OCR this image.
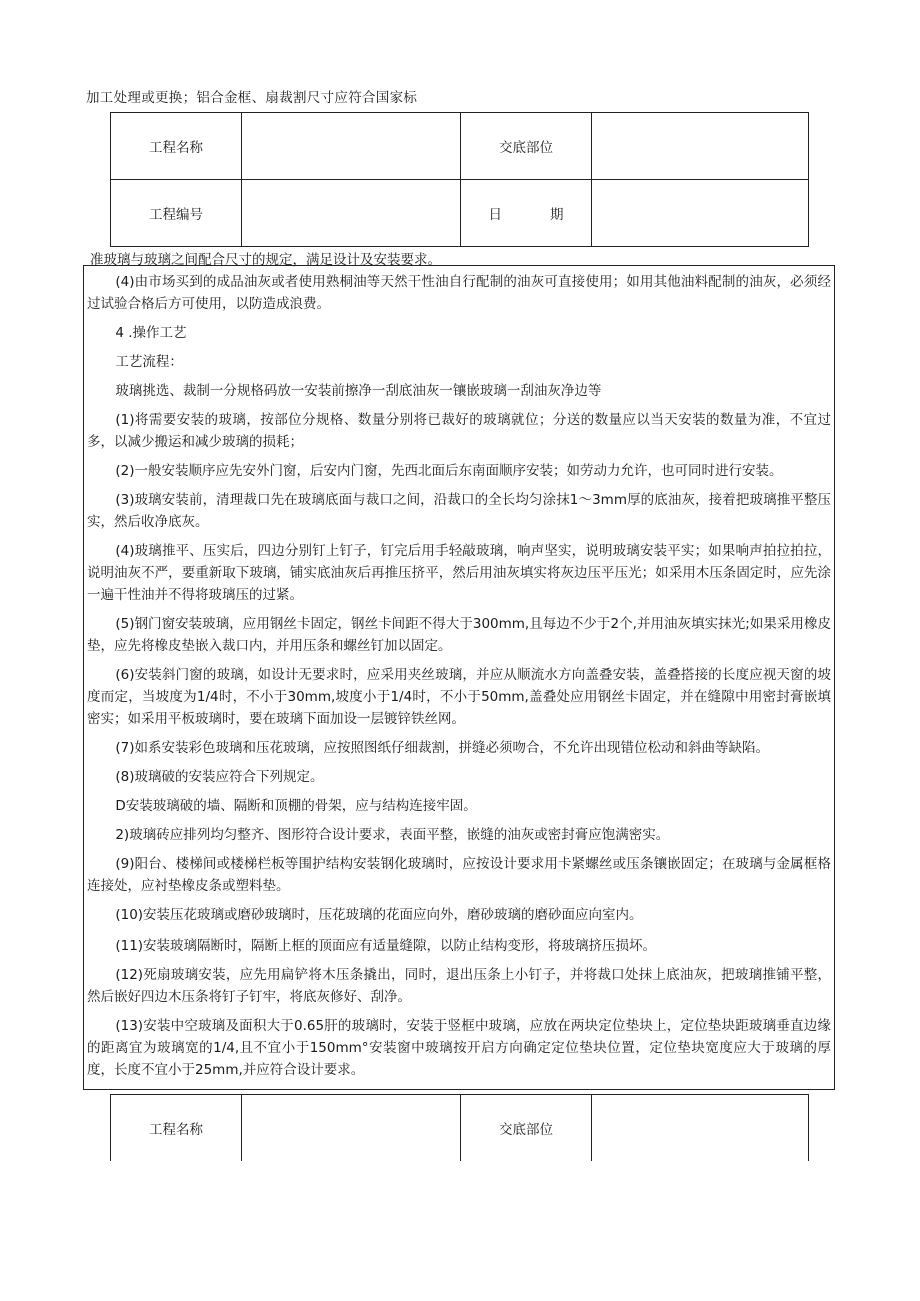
加工处理或更换；铝合金框、扇裁割尺寸应符合国家标
工程名称		交底部位	
工程编号		日 期	
准玻璃与玻璃之间配合尺寸的规定，满足设计及安装要求。

(4)由市场买到的成品油灰或者使用熟桐油等天然干性油自行配制的油灰可直接使用；如用其他油料配制的油灰，必须经过试验合格后方可使用，以防造成浪费。

4 .操作工艺

工艺流程：

玻璃挑选、裁制一分规格码放一安装前擦净一刮底油灰一镶嵌玻璃一刮油灰净边等

(1)将需要安装的玻璃，按部位分规格、数量分别将已裁好的玻璃就位；分送的数量应以当天安装的数量为准，不宜过多，以减少搬运和减少玻璃的损耗；

(2)一般安装顺序应先安外门窗，后安内门窗，先西北面后东南面顺序安装；如劳动力允许，也可同时进行安装。

(3)玻璃安装前，清理裁口先在玻璃底面与裁口之间，沿裁口的全长均匀涂抹1～3mm厚的底油灰，接着把玻璃推平整压实，然后收净底灰。

(4)玻璃推平、压实后，四边分别钉上钉子，钉完后用手轻敲玻璃，响声坚实，说明玻璃安装平实；如果响声拍拉拍拉，说明油灰不严，要重新取下玻璃，铺实底油灰后再推压挤平，然后用油灰填实将灰边压平压光；如采用木压条固定时，应先涂一遍干性油并不得将玻璃压的过紧。

(5)钢门窗安装玻璃，应用钢丝卡固定，钢丝卡间距不得大于300mm,且每边不少于2个,并用油灰填实抹光;如果采用橡皮垫，应先将橡皮垫嵌入裁口内，并用压条和螺丝钉加以固定。

(6)安装斜门窗的玻璃，如设计无要求时，应采用夹丝玻璃，并应从顺流水方向盖叠安装，盖叠搭接的长度应视天窗的坡度而定，当坡度为1/4时，不小于30mm,坡度小于1/4时，不小于50mm,盖叠处应用钢丝卡固定，并在缝隙中用密封膏嵌填密实；如采用平板玻璃时，要在玻璃下面加设一层镀锌铁丝网。

(7)如系安装彩色玻璃和压花玻璃，应按照图纸仔细裁割，拼缝必须吻合，不允许出现错位松动和斜曲等缺陷。

(8)玻璃破的安装应符合下列规定。

D安装玻璃破的墙、隔断和顶棚的骨架，应与结构连接牢固。

2)玻璃砖应排列均匀整齐、图形符合设计要求，表面平整，嵌缝的油灰或密封膏应饱满密实。

(9)阳台、楼梯间或楼梯栏板等围护结构安装钢化玻璃时，应按设计要求用卡紧螺丝或压条镶嵌固定；在玻璃与金属框格连接处，应衬垫橡皮条或塑料垫。

(10)安装压花玻璃或磨砂玻璃时，压花玻璃的花面应向外，磨砂玻璃的磨砂面应向室内。

(11)安装玻璃隔断时，隔断上框的顶面应有适量缝隙，以防止结构变形，将玻璃挤压损坏。

(12)死扇玻璃安装，应先用扁铲将木压条撬出，同时，退出压条上小钉子，并将裁口处抹上底油灰，把玻璃推铺平整，然后嵌好四边木压条将钉子钉牢，将底灰修好、刮净。

(13)安装中空玻璃及面积大于0.65肝的玻璃时，安装于竖框中玻璃，应放在两块定位垫块上，定位垫块距玻璃垂直边缘的距离宜为玻璃宽的1/4,且不宜小于150mm°安装窗中玻璃按开启方向确定定位垫块位置，定位垫块宽度应大于玻璃的厚度，长度不宜小于25mm,并应符合设计要求。

工程名称		交底部位	
